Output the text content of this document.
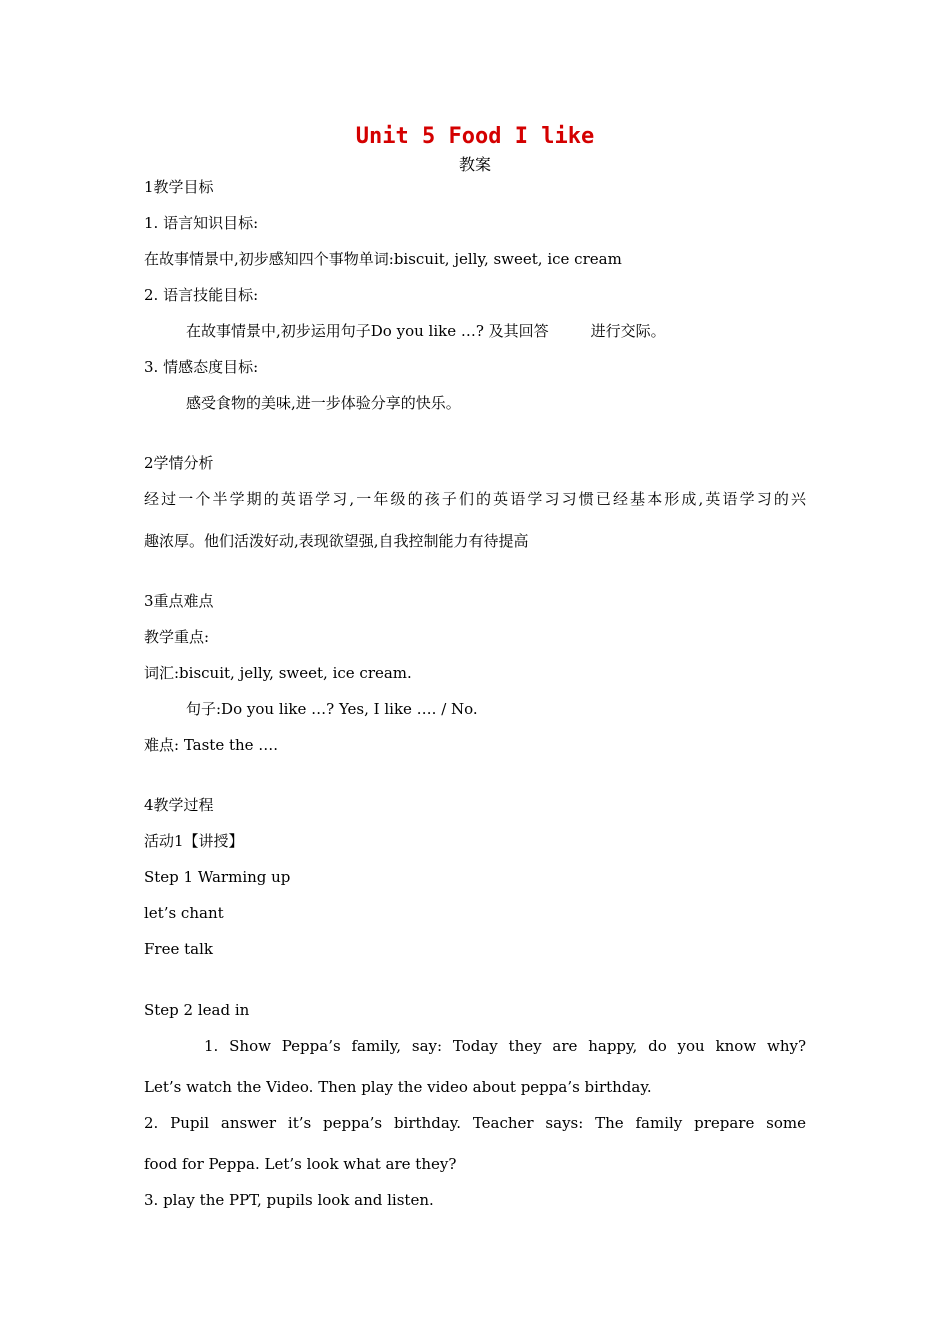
Unit 5 Food I like
教案
1教学目标
1. 语言知识目标:
在故事情景中,初步感知四个事物单词:biscuit, jelly, sweet, ice cream
2. 语言技能目标:
在故事情景中,初步运用句子Do you like …? 及其回答	进行交际。
3. 情感态度目标:
感受食物的美味,进一步体验分享的快乐。
2学情分析
经过一个半学期的英语学习,一年级的孩子们的英语学习习惯已经基本形成,英语学习的兴
趣浓厚。他们活泼好动,表现欲望强,自我控制能力有待提高
3重点难点
教学重点:
词汇:biscuit, jelly, sweet, ice cream.
句子:Do you like …? Yes, I like …. / No.
难点: Taste the ….
4教学过程
活动1【讲授】
Step 1 Warming up
let’s chant
Free talk
Step 2 lead in
1. Show Peppa’s family, say: Today they are happy, do you know why?
Let’s watch the Video. Then play the video about peppa’s birthday.
2. Pupil answer it’s peppa’s birthday. Teacher says: The family prepare some
food for Peppa. Let’s look what are they?
3. play the PPT, pupils look and listen.
